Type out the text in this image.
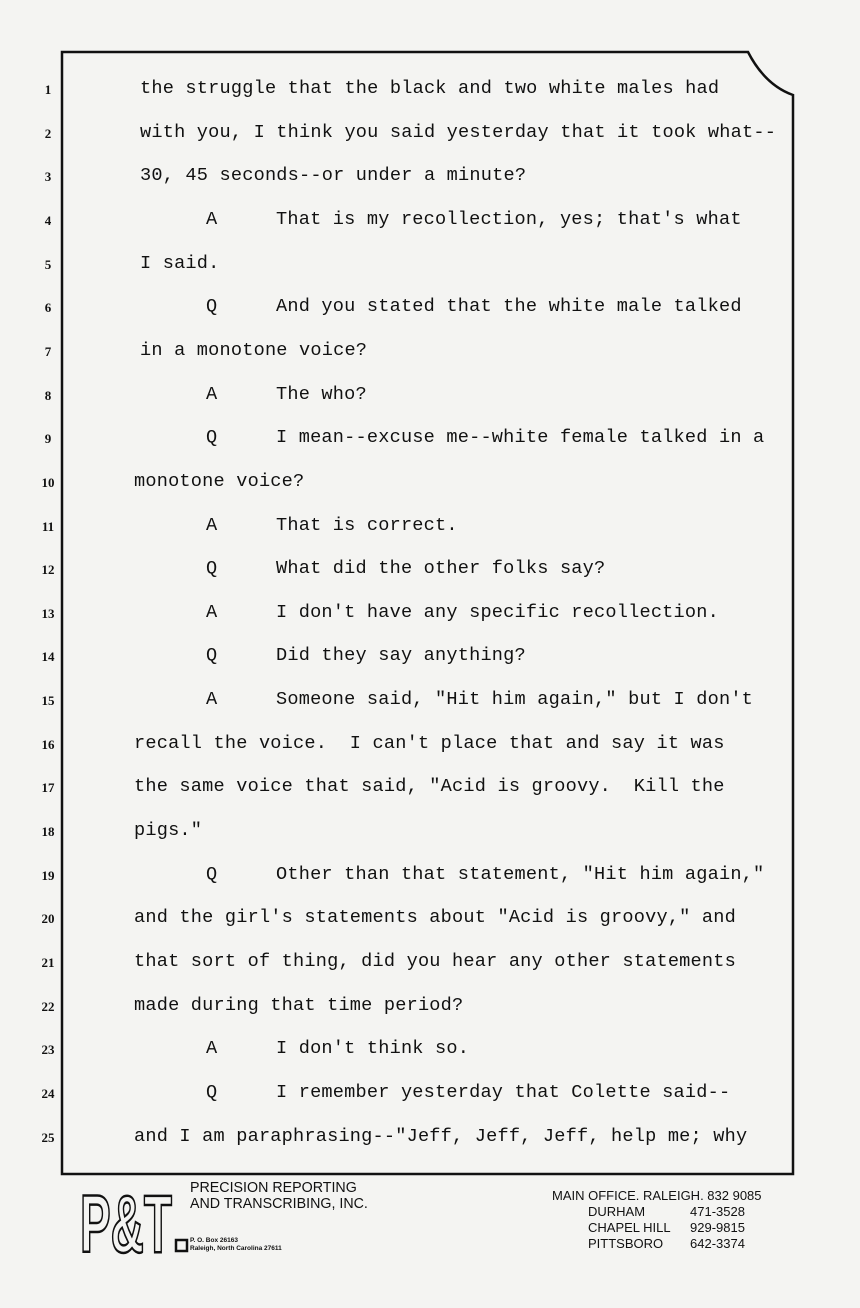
1	the struggle that the black and two white males had
2	with you, I think you said yesterday that it took what--
3	30, 45 seconds--or under a minute?
4	A	That is my recollection, yes; that's what
5	I said.
6	Q	And you stated that the white male talked
7	in a monotone voice?
8	A	The who?
9	Q	I mean--excuse me--white female talked in a
10	monotone voice?
11	A	That is correct.
12	Q	What did the other folks say?
13	A	I don't have any specific recollection.
14	Q	Did they say anything?
15	A	Someone said, "Hit him again," but I don't
16	recall the voice.  I can't place that and say it was
17	the same voice that said, "Acid is groovy.  Kill the
18	pigs."
19	Q	Other than that statement, "Hit him again,"
20	and the girl's statements about "Acid is groovy," and
21	that sort of thing, did you hear any other statements
22	made during that time period?
23	A	I don't think so.
24	Q	I remember yesterday that Colette said--
25	and I am paraphrasing--"Jeff, Jeff, Jeff, help me; why
P&T PRECISION REPORTING
AND TRANSCRIBING, INC.
P. O. Box 26163
Raleigh, North Carolina 27611
MAIN OFFICE. RALEIGH. 832 9085
DURHAM	471-3528
CHAPEL HILL	929-9815
PITTSBORO	642-3374
